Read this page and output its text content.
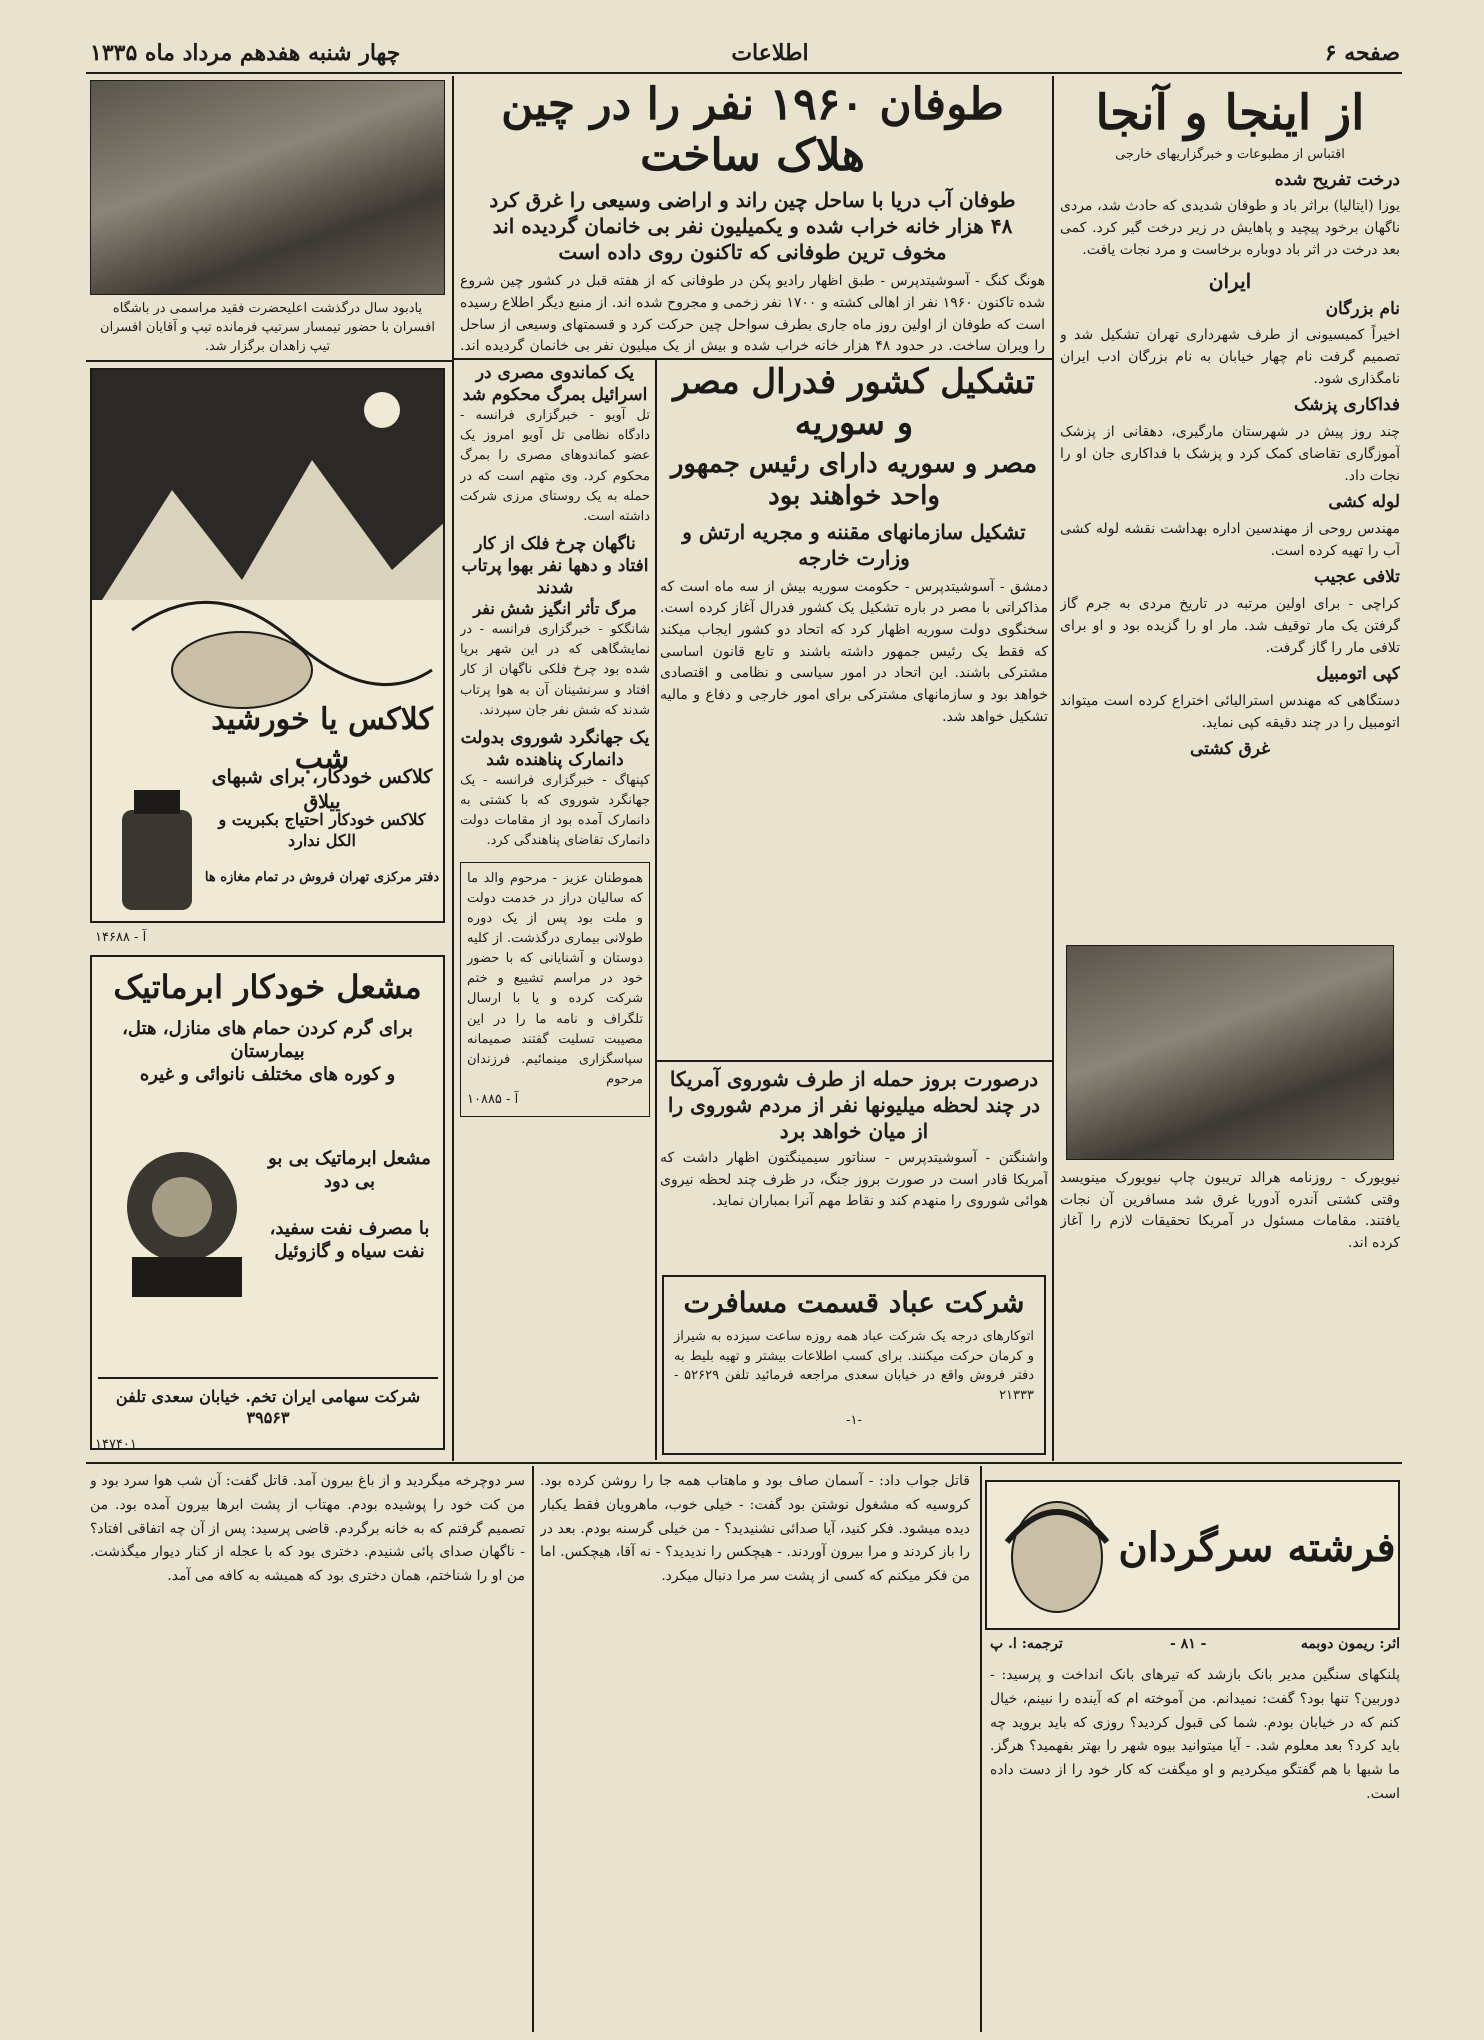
صفحه ۶
اطلاعات
چهار شنبه هفدهم مرداد ماه ۱۳۳۵
از اینجا و آنجا
اقتباس از مطبوعات و خبرگزاریهای خارجی
درخت تفریح شده
یوزا (ایتالیا) براثر باد و طوفان شدیدی که حادث شد، مردی ناگهان برخود پیچید و پاهایش در زیر درخت گیر کرد. کمی بعد درخت در اثر باد دوباره برخاست و مرد نجات یافت.
ایران
نام بزرگان
اخیراً کمیسیونی از طرف شهرداری تهران تشکیل شد و تصمیم گرفت نام چهار خیابان به نام بزرگان ادب ایران نامگذاری شود.
فداکاری پزشک
چند روز پیش در شهرستان مارگیری، دهقانی از پزشک آموزگاری تقاضای کمک کرد و پزشک با فداکاری جان او را نجات داد.
لوله کشی
مهندس روحی از مهندسین اداره بهداشت نقشه لوله کشی آب را تهیه کرده است.
تلافی عجیب
کراچی - برای اولین مرتبه در تاریخ مردی به جرم گاز گرفتن یک مار توقیف شد. مار او را گزیده بود و او برای تلافی مار را گاز گرفت.
کپی اتومبیل
دستگاهی که مهندس استرالیائی اختراع کرده است میتواند اتومبیل را در چند دقیقه کپی نماید.
غرق کشتی
نیویورک - روزنامه هرالد تریبون چاپ نیویورک مینویسد وقتی کشتی آندره آدوریا غرق شد مسافرین آن نجات یافتند. مقامات مسئول در آمریکا تحقیقات لازم را آغاز کرده اند.
یادبود سال درگذشت اعلیحضرت فقید مراسمی در باشگاه افسران با حضور تیمسار سرتیپ فرمانده تیپ و آقایان افسران تیپ زاهدان برگزار شد.
طوفان ۱۹۶۰ نفر را در چین هلاک ساخت
طوفان آب دریا با ساحل چین راند و اراضی وسیعی را غرق کرد
۴۸ هزار خانه خراب شده و یکمیلیون نفر بی خانمان گردیده اند
مخوف ترین طوفانی که تاکنون روی داده است
هونگ کنگ - آسوشیتدپرس - طبق اظهار رادیو پکن در طوفانی که از هفته قبل در کشور چین شروع شده تاکنون ۱۹۶۰ نفر از اهالی کشته و ۱۷۰۰ نفر زخمی و مجروح شده اند. از منبع دیگر اطلاع رسیده است که طوفان از اولین روز ماه جاری بطرف سواحل چین حرکت کرد و قسمتهای وسیعی از ساحل را ویران ساخت. در حدود ۴۸ هزار خانه خراب شده و بیش از یک میلیون نفر بی خانمان گردیده اند.
تشکیل کشور فدرال مصر و سوریه
مصر و سوریه دارای رئیس جمهور واحد خواهند بود
تشکیل سازمانهای مقننه و مجریه ارتش و وزارت خارجه
دمشق - آسوشیتدپرس - حکومت سوریه بیش از سه ماه است که مذاکراتی با مصر در باره تشکیل یک کشور فدرال آغاز کرده است. سخنگوی دولت سوریه اظهار کرد که اتحاد دو کشور ایجاب میکند که فقط یک رئیس جمهور داشته باشند و تابع قانون اساسی مشترکی باشند. این اتحاد در امور سیاسی و نظامی و اقتصادی خواهد بود و سازمانهای مشترکی برای امور خارجی و دفاع و مالیه تشکیل خواهد شد.
درصورت بروز حمله از طرف شوروی آمریکا در چند لحظه میلیونها نفر از مردم شوروی را از میان خواهد برد
واشنگتن - آسوشیتدپرس - سناتور سیمینگتون اظهار داشت که آمریکا قادر است در صورت بروز جنگ، در ظرف چند لحظه نیروی هوائی شوروی را منهدم کند و نقاط مهم آنرا بمباران نماید.
شرکت عباد قسمت مسافرت
اتوکارهای درجه یک شرکت عباد همه روزه ساعت سیزده به شیراز و کرمان حرکت میکنند. برای کسب اطلاعات بیشتر و تهیه بلیط به دفتر فروش واقع در خیابان سعدی مراجعه فرمائید تلفن ۵۲۶۲۹ - ۲۱۳۳۳
-۱-
یک کماندوی مصری در اسرائیل بمرگ محکوم شد
تل آویو - خبرگزاری فرانسه - دادگاه نظامی تل آویو امروز یک عضو کماندوهای مصری را بمرگ محکوم کرد. وی متهم است که در حمله به یک روستای مرزی شرکت داشته است.
ناگهان چرخ فلک از کار افتاد و دهها نفر بهوا پرتاب شدند
مرگ تأثر انگیز شش نفر
شانگکو - خبرگزاری فرانسه - در نمایشگاهی که در این شهر برپا شده بود چرخ فلکی ناگهان از کار افتاد و سرنشینان آن به هوا پرتاب شدند که شش نفر جان سپردند.
یک جهانگرد شوروی بدولت دانمارک پناهنده شد
کپنهاگ - خبرگزاری فرانسه - یک جهانگرد شوروی که با کشتی به دانمارک آمده بود از مقامات دولت دانمارک تقاضای پناهندگی کرد.
هموطنان عزیز - مرحوم والد ما که سالیان دراز در خدمت دولت و ملت بود پس از یک دوره طولانی بیماری درگذشت. از کلیه دوستان و آشنایانی که با حضور خود در مراسم تشییع و ختم شرکت کرده و یا با ارسال تلگراف و نامه ما را در این مصیبت تسلیت گفتند صمیمانه سپاسگزاری مینمائیم. فرزندان مرحوم
آ - ۱۰۸۸۵
کلاکس یا خورشید شب
کلاکس خودکار، برای شبهای ییلاق
کلاکس خودکار احتیاج بکبریت و الکل ندارد
دفتر مرکزی تهران فروش در تمام مغازه ها
آ - ۱۴۶۸۸
مشعل خودکار ابرماتیک
برای گرم کردن حمام های منازل، هتل، بیمارستان
و کوره های مختلف نانوائی و غیره
مشعل ابرماتیک بی بو بی دود
با مصرف نفت سفید، نفت سیاه و گازوئیل
شرکت سهامی ایران تخم. خیابان سعدی تلفن ۳۹۵۶۳
۱۴۷۴۰۱
فرشته سرگردان
اثر: ریمون دوبمه
- ۸۱ -
ترجمه: ا. پ
پلنکهای سنگین مدیر بانک بازشد که تیرهای بانک انداخت و پرسید: - دوربین؟ تنها بود؟ گفت: نمیدانم. من آموخته ام که آینده را نبینم، خیال کنم که در خیابان بودم. شما کی قبول کردید؟ روزی که باید بروید چه باید کرد؟ بعد معلوم شد. - آیا میتوانید بیوه شهر را بهتر بفهمید؟ هرگز. ما شبها با هم گفتگو میکردیم و او میگفت که کار خود را از دست داده است.
قاتل جواب داد: - آسمان صاف بود و ماهتاب همه جا را روشن کرده بود. کروسیه که مشغول نوشتن بود گفت: - خیلی خوب، ماهرویان فقط یکبار دیده میشود. فکر کنید، آیا صدائی نشنیدید؟ - من خیلی گرسنه بودم. بعد در را باز کردند و مرا بیرون آوردند. - هیچکس را ندیدید؟ - نه آقا، هیچکس. اما من فکر میکنم که کسی از پشت سر مرا دنبال میکرد.
سر دوچرخه میگردید و از باغ بیرون آمد. قاتل گفت: آن شب هوا سرد بود و من کت خود را پوشیده بودم. مهتاب از پشت ابرها بیرون آمده بود. من تصمیم گرفتم که به خانه برگردم. قاضی پرسید: پس از آن چه اتفاقی افتاد؟ - ناگهان صدای پائی شنیدم. دختری بود که با عجله از کنار دیوار میگذشت. من او را شناختم، همان دختری بود که همیشه به کافه می آمد.
